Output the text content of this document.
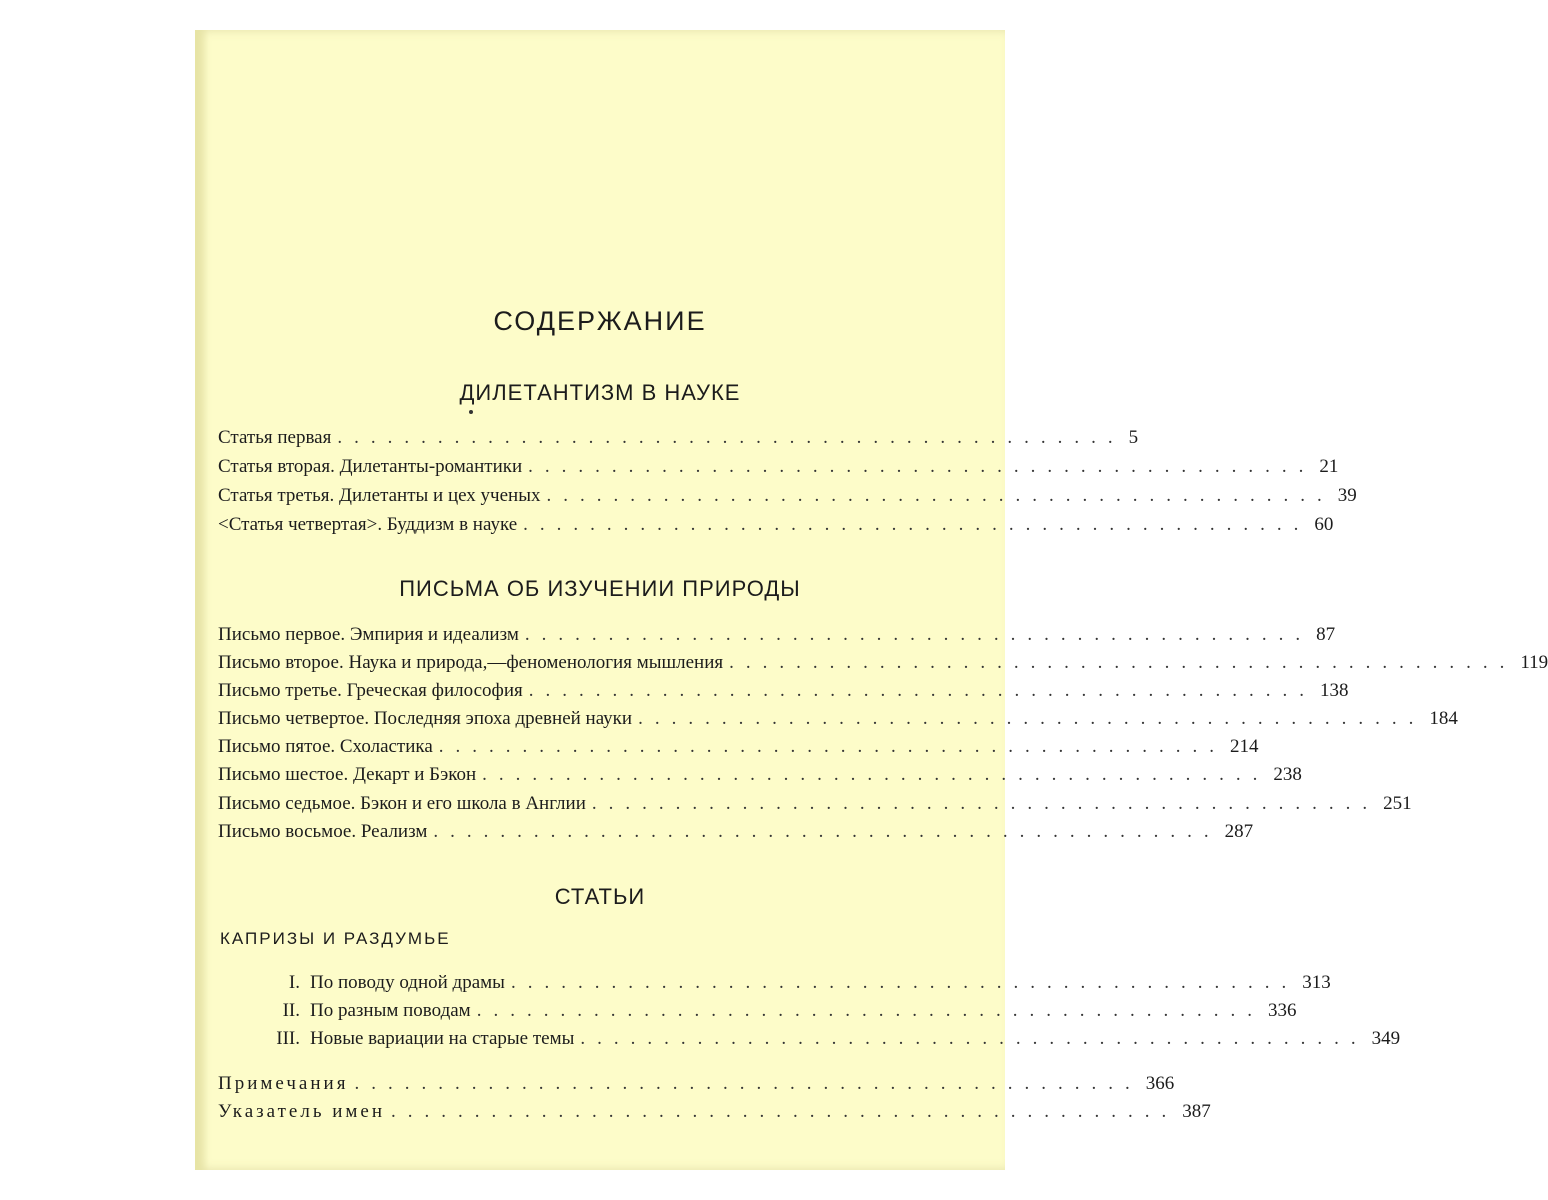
СОДЕРЖАНИЕ
ДИЛЕТАНТИЗМ В НАУКЕ
Статья первая ............................................... 5
Статья вторая. Дилетанты-романтики ............................................... 21
Статья третья. Дилетанты и цех ученых ............................................... 39
<Статья четвертая>. Буддизм в науке ............................................... 60
ПИСЬМА ОБ ИЗУЧЕНИИ ПРИРОДЫ
Письмо первое. Эмпирия и идеализм ............................................... 87
Письмо второе. Наука и природа,—феноменология мышления ............................................... 119
Письмо третье. Греческая философия ............................................... 138
Письмо четвертое. Последняя эпоха древней науки ............................................... 184
Письмо пятое. Схоластика ............................................... 214
Письмо шестое. Декарт и Бэкон ............................................... 238
Письмо седьмое. Бэкон и его школа в Англии ............................................... 251
Письмо восьмое. Реализм ............................................... 287
СТАТЬИ
КАПРИЗЫ И РАЗДУМЬЕ
I. По поводу одной драмы ............................................... 313
II. По разным поводам ............................................... 336
III. Новые вариации на старые темы ............................................... 349
Примечания ............................................... 366
Указатель имен ............................................... 387
